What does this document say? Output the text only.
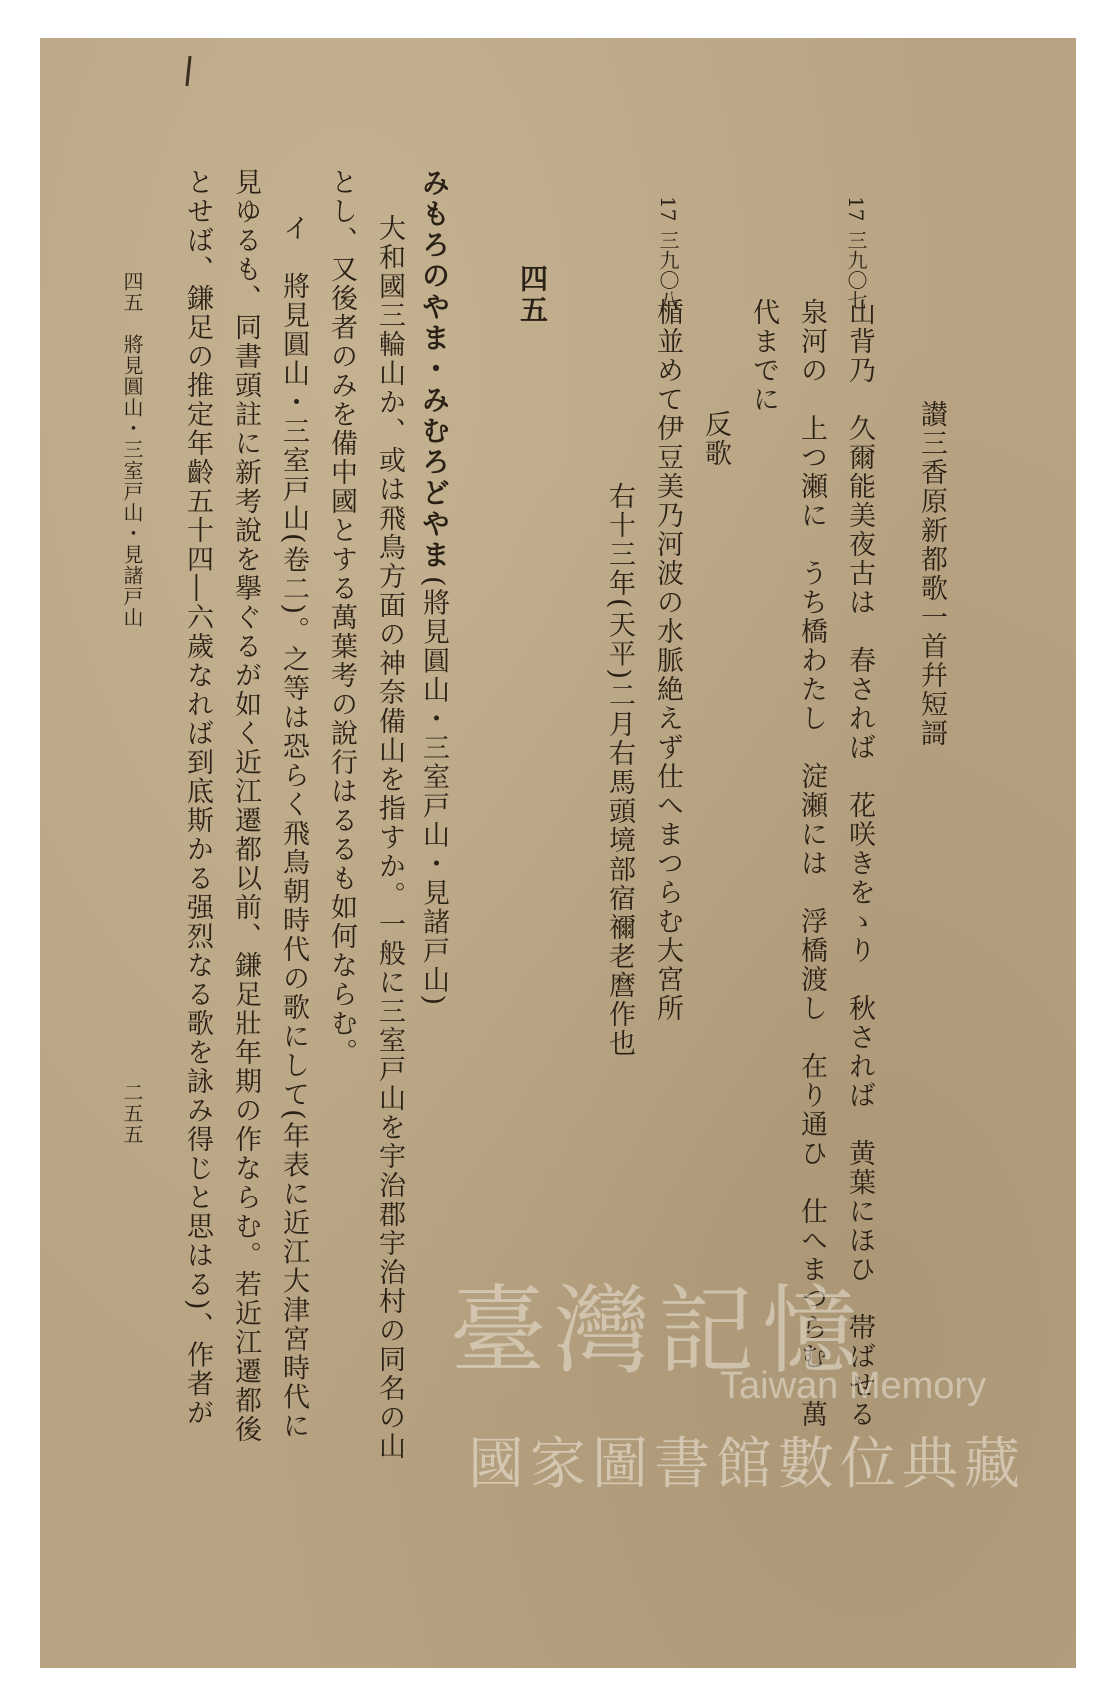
讃三香原新都歌一首幷短謌
17
三九〇七
山背乃　久爾能美夜古は　春されば　花咲きをゝり　秋されば　黄葉にほひ　帯ばせる
泉河の　上つ瀬に　うち橋わたし　淀瀬には　浮橋渡し　在り通ひ　仕へまつらむ　萬
代までに
反歌
17
三九〇八
楯並めて伊豆美乃河波の水脈絶えず仕へまつらむ大宮所
右十三年(天平)二月右馬頭境部宿禰老麿作也
四五
みもろのやま・みむろどやま
(將見圓山・三室戸山・見諸戸山)
大和國三輪山か、或は飛鳥方面の神奈備山を指すか。一般に三室戸山を宇治郡宇治村の同名の山
とし、又後者のみを備中國とする萬葉考の說行はるるも如何ならむ。
イ　將見圓山・三室戸山(卷二)。之等は恐らく飛鳥朝時代の歌にして(年表に近江大津宮時代に
見ゆるも、同書頭註に新考說を擧ぐるが如く近江遷都以前、鎌足壯年期の作ならむ。若近江遷都後
とせば、鎌足の推定年齡五十四―六歲なれば到底斯かる强烈なる歌を詠み得じと思はる)、作者が
四五　將見圓山・三室戸山・見諸戸山
二五五
臺灣記憶
Taiwan Memory
國家圖書館數位典藏
